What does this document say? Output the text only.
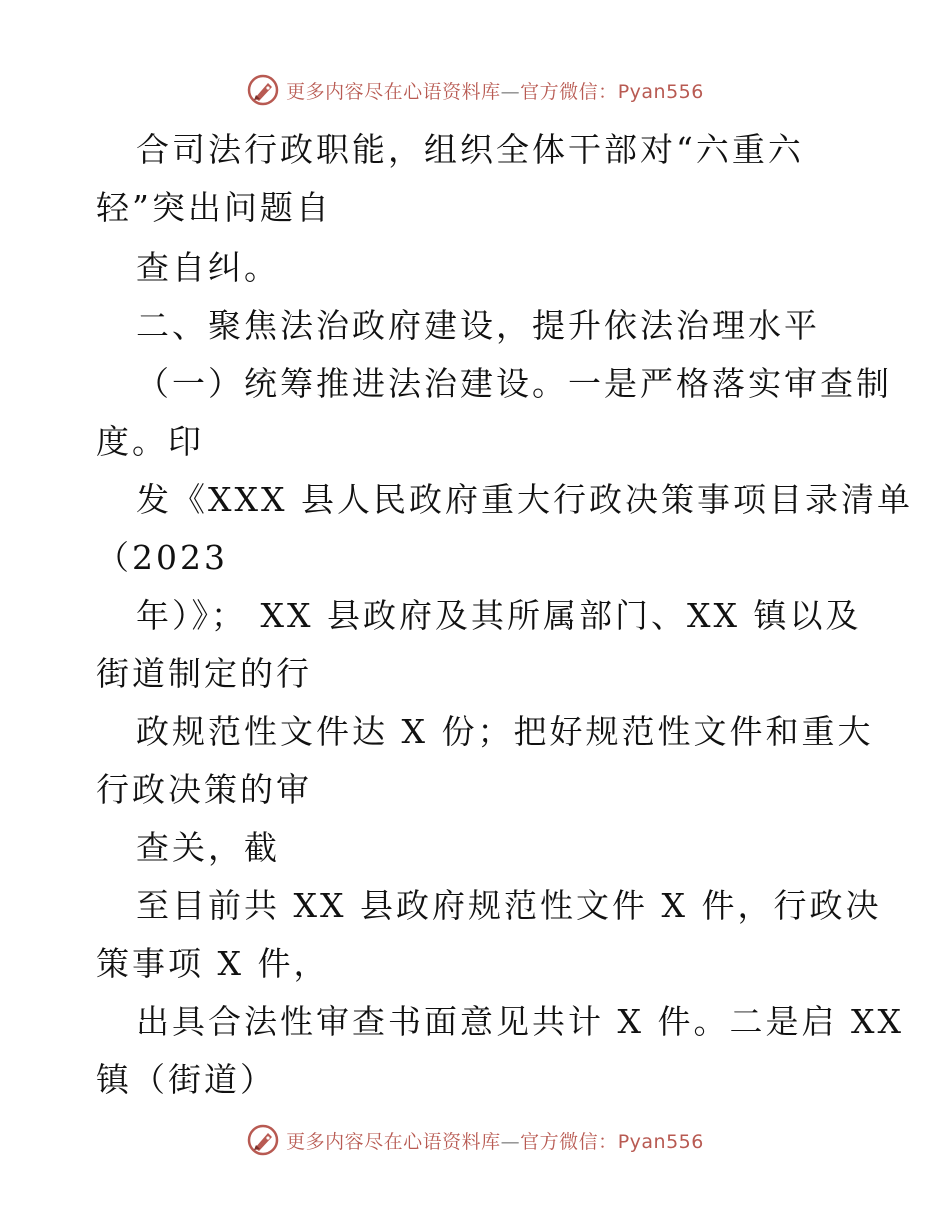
更多内容尽在心语资料库—官方微信：Pyan556
合司法行政职能，组织全体干部对“六重六
轻”突出问题自
查自纠。
二、聚焦法治政府建设，提升依法治理水平
（一）统筹推进法治建设。一是严格落实审查制
度。印
发《XXX 县人民政府重大行政决策事项目录清单
（2023
年）》； XX 县政府及其所属部门、XX 镇以及
街道制定的行
政规范性文件达 X 份；把好规范性文件和重大
行政决策的审
查关，截
至目前共 XX 县政府规范性文件 X 件，行政决
策事项 X 件，
出具合法性审查书面意见共计 X 件。二是启 XX
镇（街道）
更多内容尽在心语资料库—官方微信：Pyan556
